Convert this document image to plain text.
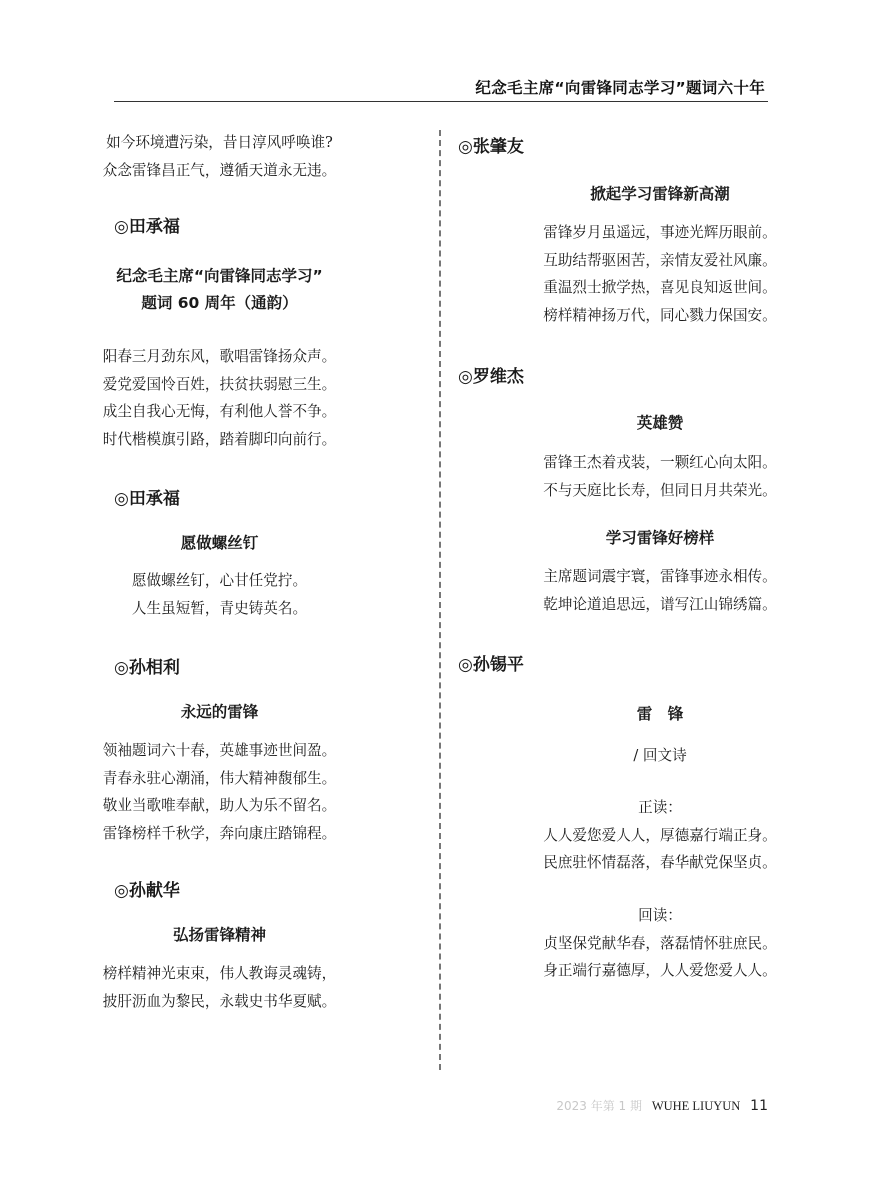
纪念毛主席“向雷锋同志学习”题词六十年
如今环境遭污染，昔日淳风呼唤谁?
众念雷锋昌正气，遵循天道永无违。
◎田承福
纪念毛主席“向雷锋同志学习”
题词 60 周年（通韵）
阳春三月劲东风，歌唱雷锋扬众声。
爱党爱国怜百姓，扶贫扶弱慰三生。
成尘自我心无悔，有利他人誉不争。
时代楷模旗引路，踏着脚印向前行。
◎田承福
愿做螺丝钉
愿做螺丝钉，心甘任党拧。
人生虽短暂，青史铸英名。
◎孙相利
永远的雷锋
领袖题词六十春，英雄事迹世间盈。
青春永驻心潮涌，伟大精神馥郁生。
敬业当歌唯奉献，助人为乐不留名。
雷锋榜样千秋学，奔向康庄踏锦程。
◎孙献华
弘扬雷锋精神
榜样精神光束束，伟人教诲灵魂铸，
披肝沥血为黎民，永载史书华夏赋。
◎张肇友
掀起学习雷锋新高潮
雷锋岁月虽遥远，事迹光辉历眼前。
互助结帮驱困苦，亲情友爱社风廉。
重温烈士掀学热，喜见良知返世间。
榜样精神扬万代，同心戮力保国安。
◎罗维杰
英雄赞
雷锋王杰着戎装，一颗红心向太阳。
不与天庭比长寿，但同日月共荣光。
学习雷锋好榜样
主席题词震宇寰，雷锋事迹永相传。
乾坤论道追思远，谱写江山锦绣篇。
◎孙锡平
雷　锋
/ 回文诗
正读：
人人爱您爱人人，厚德嘉行端正身。
民庶驻怀情磊落，春华献党保坚贞。
回读：
贞坚保党献华春，落磊情怀驻庶民。
身正端行嘉德厚，人人爱您爱人人。
2023 年第 1 期 WUHE LIUYUN 11
